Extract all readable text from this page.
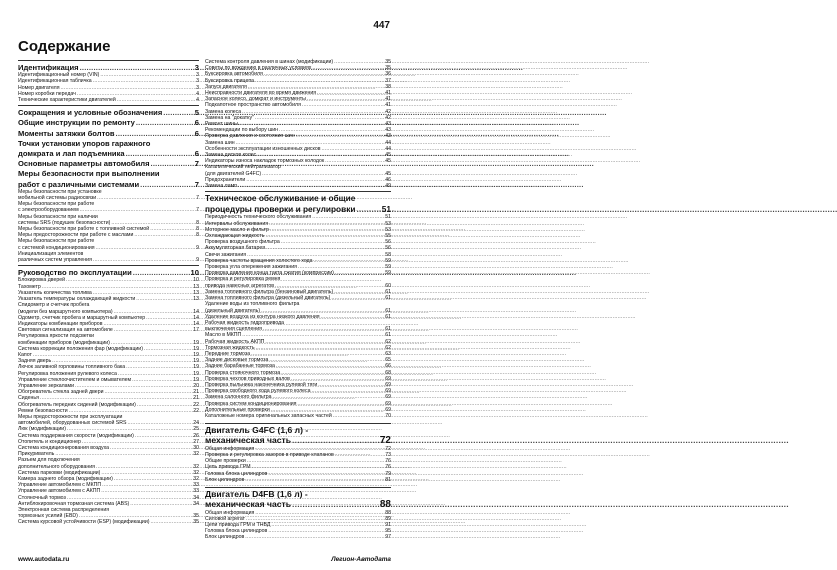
447
Содержание
Идентификация .....	3
Идентификационный номер (VIN) .....	3
Идентификационная табличка .....	3
Номер двигателя .....	3
Номер коробки передач .....	4
Технические характеристики двигателей .....	4
Сокращения и условные обозначения .....	5
Общие инструкции по ремонту .....	6
Моменты затяжки болтов .....	6
Точки установки упоров гаражного
домкрата и лап подъемника .....	6
Основные параметры автомобиля .....	7
Меры безопасности при выполнении
работ с различными системами .....	7
Меры безопасности при установке
мобильной системы радиосвязи .....	7
Меры безопасности при работе
с электрооборудованием .....	7
Меры безопасности при наличии
системы SRS (подушек безопасности) .....	8
Меры безопасности при работе с топливной системой .....	8
Меры предосторожности при работе с маслами .....	8
Меры безопасности при работе
с системой кондиционирования .....	9
Инициализация элементов
различных систем управления .....	9
Руководство по эксплуатации .....	10
Блокировка дверей .....	10
Тахометр .....	13
Указатель количества топлива .....	13
Указатель температуры охлаждающей жидкости .....	13
Спидометр и счетчик пробега
(модели без маршрутного компьютера) .....	14
Одометр, счетчик пробега и маршрутный компьютер .....	14
Индикаторы комбинации приборов .....	14
Световая сигнализация на автомобиле .....	17
Регулировка яркости подсветки
комбинации приборов (модификации) .....	19
Система коррекции положения фар (модификации) .....	19
Капот .....	19
Задняя дверь .....	19
Лючок заливной горловины топливного бака .....	19
Регулировка положения рулевого колеса .....	19
Управление стеклоочистителем и омывателем .....	19
Управление зеркалами .....	20
Обогреватель стекла задней двери .....	21
Сиденья .....	21
Обогреватель передних сидений (модификации) .....	22
Ремни безопасности .....	22
Меры предосторожности при эксплуатации
автомобилей, оборудованных системой SRS .....	24
Люк (модификации) .....	25
Система поддержания скорости (модификации) .....	26
Отопитель и кондиционер .....	27
Система кондиционирования воздуха .....	30
Прикуриватель .....	32
Разъем для подключения
дополнительного оборудования .....	32
Система парковки (модификации) .....	32
Камера заднего обзора (модификации) .....	32
Управление автомобилем с МКПП .....	33
Управление автомобилем с АКПП .....	33
Стояночный тормоз .....	34
Антиблокировочная тормозная система (ABS) .....	34
Электронная система распределения
тормозных усилий (EBD) .....	35
Система курсовой устойчивости (ESP) (модификации) .....	35
Система контроля давления в шинах (модификации) .....	35
Советы по вождению в различных условиях .....	35
Буксировка автомобиля .....	36
Буксировка прицепа .....	37
Запуск двигателя .....	38
Неисправности двигателя во время движения .....	41
Запасное колесо, домкрат и инструменты .....	41
Подкапотное пространство автомобиля .....	41
Замена колеса .....	42
Замена на "докатку" .....	42
Ремонт шины .....	43
Рекомендации по выбору шин .....	43
Проверка давления и состояния шин .....	43
Замена шин .....	44
Особенности эксплуатации изношенных дисков .....	44
Замена дисков колес .....	45
Индикаторы износа накладок тормозных колодок .....	45
Каталитический нейтрализатор
(для двигателей G4FC) .....	45
Предохранители .....	46
Замена ламп .....	49
Техническое обслуживание и общие
процедуры проверки и регулировки .....	51
Периодичность технического обслуживания .....	51
Интервалы обслуживания .....	53
Моторное масло и фильтр .....	53
Охлаждающая жидкость .....	55
Проверка воздушного фильтра .....	56
Аккумуляторная батарея .....	56
Свечи зажигания .....	58
Проверка частоты вращения холостого хода .....	59
Проверка угла опережения зажигания .....	59
Проверка давления конца такта сжатия (компрессии) .....	59
Проверка и регулировка ремня
привода навесных агрегатов .....	60
Замена топливного фильтра (бензиновый двигатель) .....	61
Замена топливного фильтра (дизельный двигатель) .....	61
Удаление воды из топливного фильтра
(дизельный двигатель) .....	61
Удаление воздуха из контура низкого давления .....	61
Рабочая жидкость гидропривода
выключения сцепления .....	61
Масло в МКПП .....	61
Рабочая жидкость АКПП .....	62
Тормозная жидкость .....	62
Передние тормоза .....	63
Задние дисковые тормоза .....	65
Задние барабанные тормоза .....	66
Проверка стояночного тормоза .....	68
Проверка чехлов приводных валов .....	69
Проверка пыльника наконечника рулевой тяги .....	69
Проверка свободного хода рулевого колеса .....	69
Замена салонного фильтра .....	69
Проверка систем кондиционирования .....	69
Дополнительные проверки .....	69
Каталожные номера оригинальных запасных частей .....	70
Двигатель G4FC (1,6 л) -
механическая часть .....	72
Общая информация .....	72
Проверка и регулировка зазоров в приводе клапанов .....	73
Общие проверки .....	76
Цепь привода ГРМ .....	76
Головка блока цилиндров .....	79
Блок цилиндров .....	81
Двигатель D4FB (1,6 л) -
механическая часть .....	88
Общая информация .....	88
Силовой агрегат .....	89
Цепи привода ГРМ и ТНВД .....	91
Головка блока цилиндров .....	95
Блок цилиндров .....	97
www.autodata.ru	Легион-Автодата
